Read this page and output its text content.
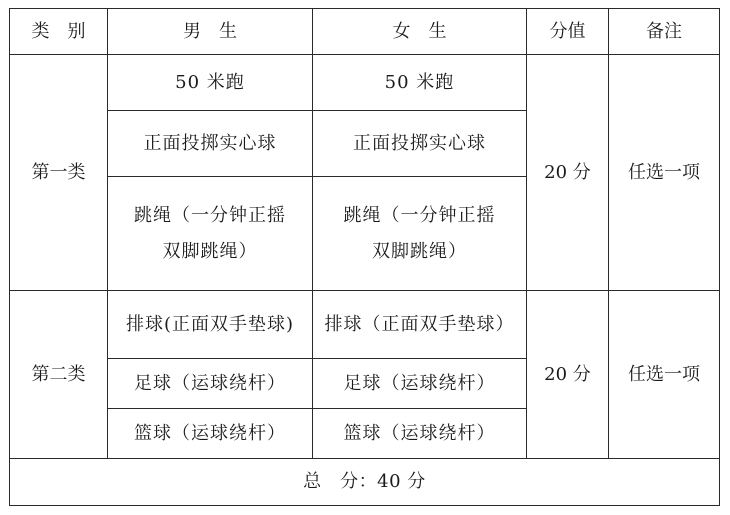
类　别	男　生	女　生	分值	备注
第一类	50 米跑	50 米跑	20 分	任选一项
	正面投掷实心球	正面投掷实心球		
	跳绳（一分钟正摇双脚跳绳）	跳绳（一分钟正摇双脚跳绳）		
第二类	排球(正面双手垫球)	排球（正面双手垫球）	20 分	任选一项
	足球（运球绕杆）	足球（运球绕杆）		
	篮球（运球绕杆）	篮球（运球绕杆）		
总　分：40 分				
